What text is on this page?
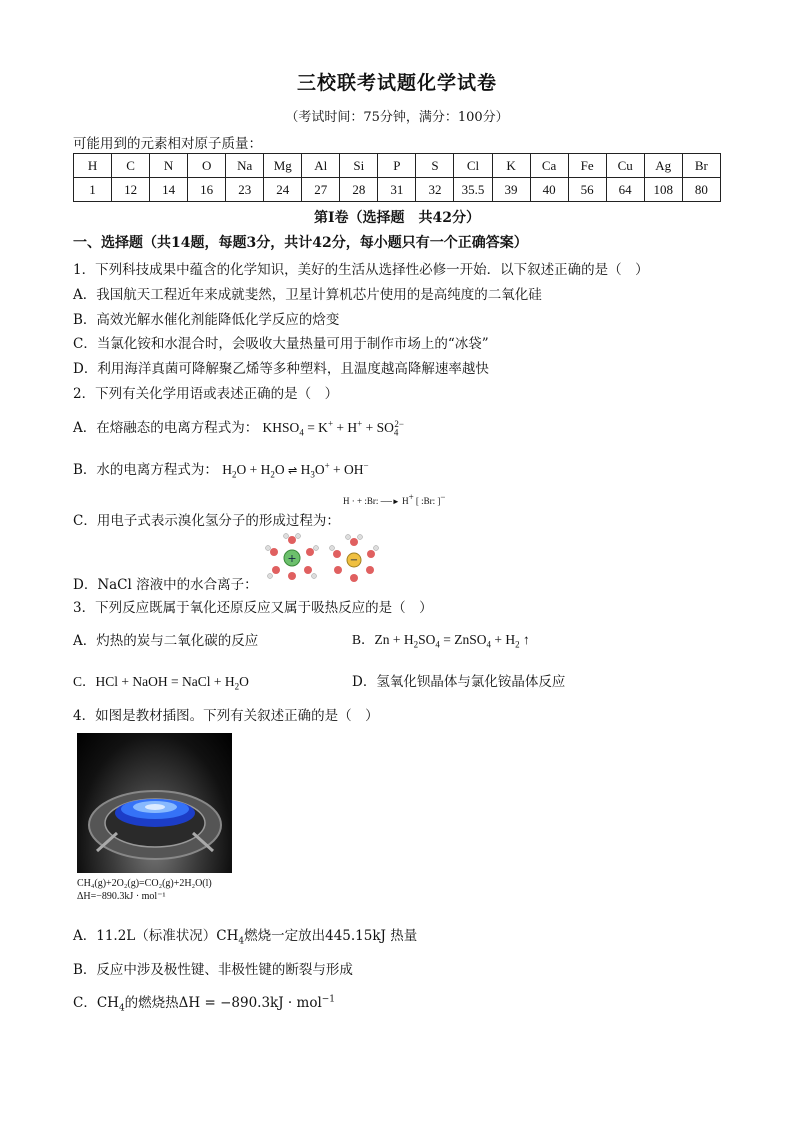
三校联考试题化学试卷
（考试时间：75分钟，满分：100分）
可能用到的元素相对原子质量：
H	C	N	O	Na	Mg	Al	Si	P	S	Cl	K	Ca	Fe	Cu	Ag	Br
1	12	14	16	23	24	27	28	31	32	35.5	39	40	56	64	108	80
第Ⅰ卷（选择题　共42分）
一、选择题（共14题，每题3分，共计42分，每小题只有一个正确答案）
1．下列科技成果中蕴含的化学知识，美好的生活从选择性必修一开始．以下叙述正确的是（　）
A．我国航天工程近年来成就斐然，卫星计算机芯片使用的是高纯度的二氧化硅
B．高效光解水催化剂能降低化学反应的焓变
C．当氯化铵和水混合时，会吸收大量热量可用于制作市场上的“冰袋”
D．利用海洋真菌可降解聚乙烯等多种塑料，且温度越高降解速率越快
2．下列有关化学用语或表述正确的是（　）
A．在熔融态的电离方程式为： $KHSO_4 = K^+ + H^+ + SO_4^{2-}$
B．水的电离方程式为： $H_2O + H_2O$ ⇌ $H_3O^+ + OH^-$
C．用电子式表示溴化氢分子的形成过程为：
H · + :Br: ──► H+ [ :Br: ]−
D．NaCl 溶液中的水合离子：
+	−
3．下列反应既属于氧化还原反应又属于吸热反应的是（　）
A．灼热的炭与二氧化碳的反应	B．$Zn + H_2SO_4$ = ZnSO$_4$ + $H_2$ ↑
C．HCl + NaOH = NaCl + $H_2O$	D．氢氧化钡晶体与氯化铵晶体反应
4．如图是教材插图。下列有关叙述正确的是（　）
CH₄(g)+2O₂(g)=CO₂(g)+2H₂O(l)
ΔH=−890.3kJ · mol⁻¹
A．11.2L（标准状况）$CH_4$燃烧一定放出445.15kJ 热量
B．反应中涉及极性键、非极性键的断裂与形成
C．$CH_4$的燃烧热ΔH = −890.3kJ · mol$^{-1}$
